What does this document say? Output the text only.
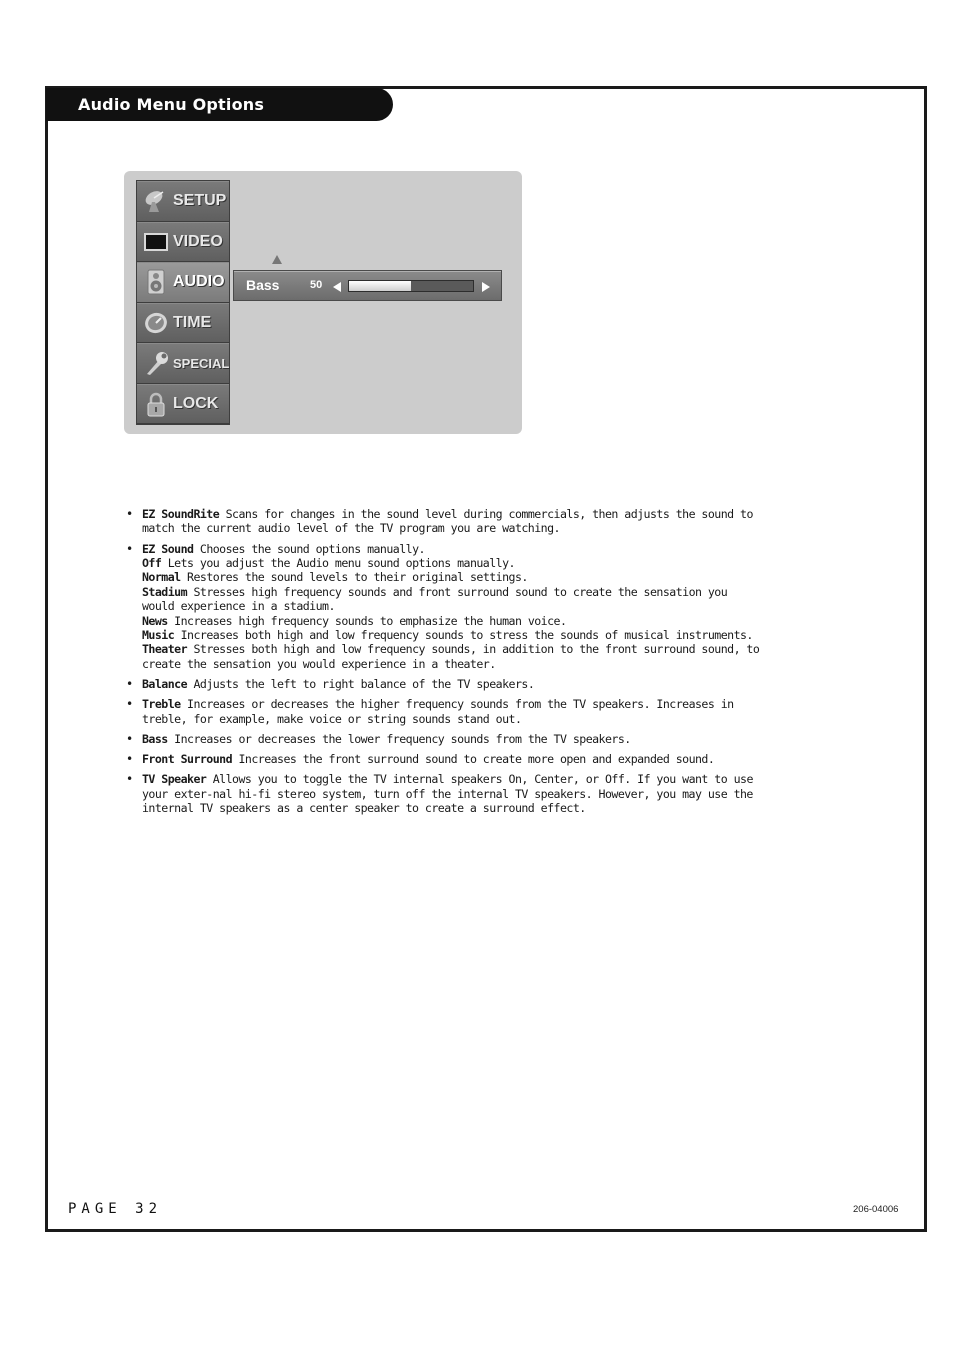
Audio Menu Options
SETUP
VIDEO
AUDIO
TIME
SPECIAL
LOCK
Bass	50
• EZ SoundRite Scans for changes in the sound level during commercials, then adjusts the sound to match the current audio level of the TV program you are watching.
• EZ Sound Chooses the sound options manually.
Off Lets you adjust the Audio menu sound options manually.
Normal Restores the sound levels to their original settings.
Stadium Stresses high frequency sounds and front surround sound to create the sensation you would experience in a stadium.
News Increases high frequency sounds to emphasize the human voice.
Music Increases both high and low frequency sounds to stress the sounds of musical instruments.
Theater Stresses both high and low frequency sounds, in addition to the front surround sound, to create the sensation you would experience in a theater.
• Balance Adjusts the left to right balance of the TV speakers.
• Treble Increases or decreases the higher frequency sounds from the TV speakers. Increases in treble, for example, make voice or string sounds stand out.
• Bass Increases or decreases the lower frequency sounds from the TV speakers.
• Front Surround Increases the front surround sound to create more open and expanded sound.
• TV Speaker Allows you to toggle the TV internal speakers On, Center, or Off. If you want to use your exter-nal hi-fi stereo system, turn off the internal TV speakers. However, you may use the internal TV speakers as a center speaker to create a surround effect.
PAGE 32	206-04006
